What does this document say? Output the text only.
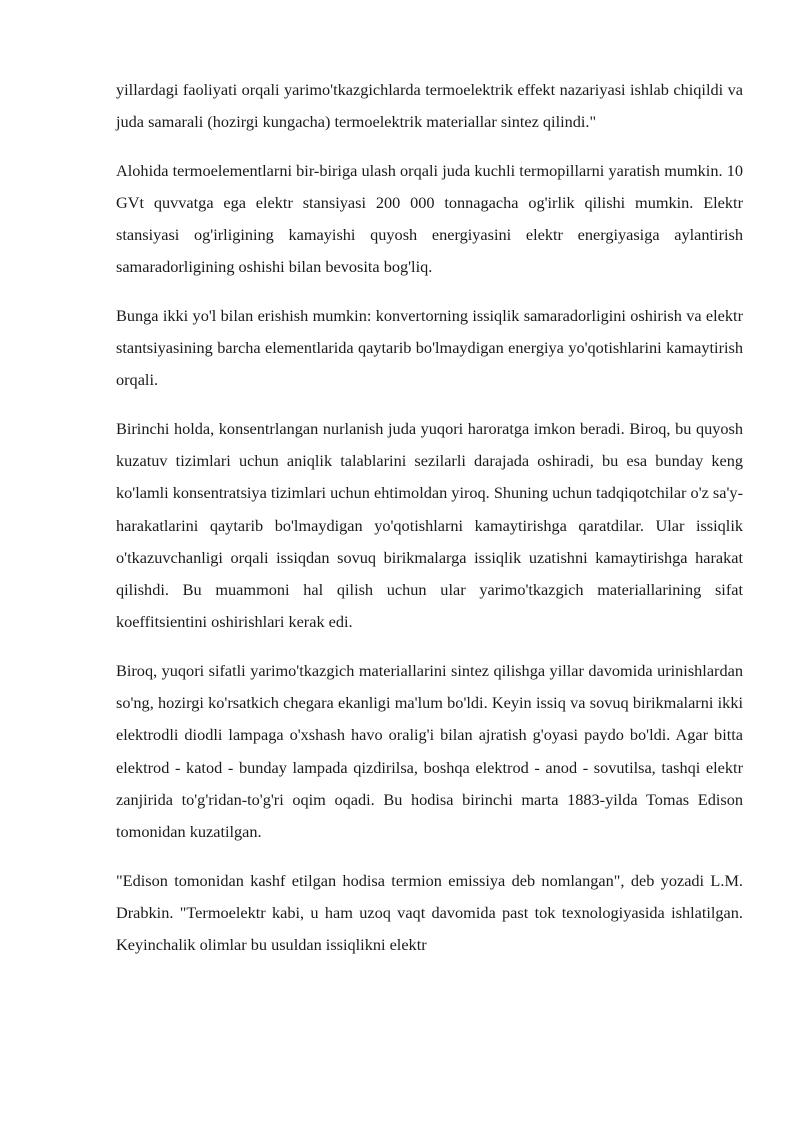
yillardagi faoliyati orqali yarimo'tkazgichlarda termoelektrik effekt nazariyasi ishlab chiqildi va juda samarali (hozirgi kungacha) termoelektrik materiallar sintez qilindi."

Alohida termoelementlarni bir-biriga ulash orqali juda kuchli termopillarni yaratish mumkin. 10 GVt quvvatga ega elektr stansiyasi 200 000 tonnagacha og'irlik qilishi mumkin. Elektr stansiyasi og'irligining kamayishi quyosh energiyasini elektr energiyasiga aylantirish samaradorligining oshishi bilan bevosita bog'liq.

Bunga ikki yo'l bilan erishish mumkin: konvertorning issiqlik samaradorligini oshirish va elektr stantsiyasining barcha elementlarida qaytarib bo'lmaydigan energiya yo'qotishlarini kamaytirish orqali.

Birinchi holda, konsentrlangan nurlanish juda yuqori haroratga imkon beradi. Biroq, bu quyosh kuzatuv tizimlari uchun aniqlik talablarini sezilarli darajada oshiradi, bu esa bunday keng ko'lamli konsentratsiya tizimlari uchun ehtimoldan yiroq. Shuning uchun tadqiqotchilar o'z sa'y-harakatlarini qaytarib bo'lmaydigan yo'qotishlarni kamaytirishga qaratdilar. Ular issiqlik o'tkazuvchanligi orqali issiqdan sovuq birikmalarga issiqlik uzatishni kamaytirishga harakat qilishdi. Bu muammoni hal qilish uchun ular yarimo'tkazgich materiallarining sifat koeffitsientini oshirishlari kerak edi.

Biroq, yuqori sifatli yarimo'tkazgich materiallarini sintez qilishga yillar davomida urinishlardan so'ng, hozirgi ko'rsatkich chegara ekanligi ma'lum bo'ldi. Keyin issiq va sovuq birikmalarni ikki elektrodli diodli lampaga o'xshash havo oralig'i bilan ajratish g'oyasi paydo bo'ldi. Agar bitta elektrod - katod - bunday lampada qizdirilsa, boshqa elektrod - anod - sovutilsa, tashqi elektr zanjirida to'g'ridan-to'g'ri oqim oqadi. Bu hodisa birinchi marta 1883-yilda Tomas Edison tomonidan kuzatilgan.

"Edison tomonidan kashf etilgan hodisa termion emissiya deb nomlangan", deb yozadi L.M. Drabkin. "Termoelektr kabi, u ham uzoq vaqt davomida past tok texnologiyasida ishlatilgan. Keyinchalik olimlar bu usuldan issiqlikni elektr
